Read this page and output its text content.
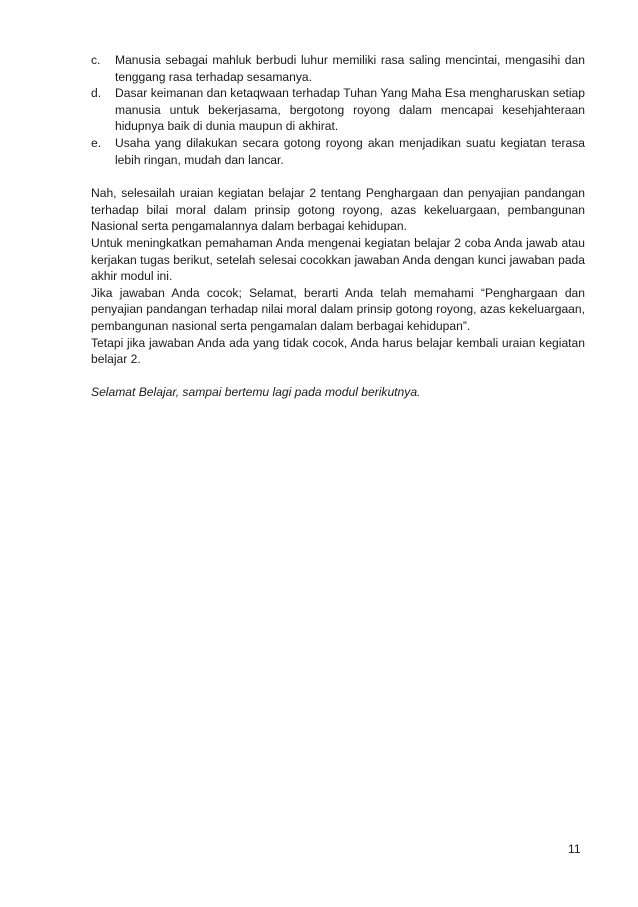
c.	Manusia sebagai mahluk berbudi luhur memiliki rasa saling mencintai, mengasihi dan tenggang rasa terhadap sesamanya.
d.	Dasar keimanan dan ketaqwaan terhadap Tuhan Yang Maha Esa mengharuskan setiap manusia untuk bekerjasama, bergotong royong dalam mencapai kesehjahteraan hidupnya baik di dunia maupun di akhirat.
e.	Usaha yang dilakukan secara gotong royong akan menjadikan suatu kegiatan terasa lebih ringan, mudah dan lancar.

Nah, selesailah uraian kegiatan belajar 2 tentang Penghargaan dan penyajian pandangan terhadap bilai moral dalam prinsip gotong royong, azas kekeluargaan, pembangunan Nasional serta pengamalannya dalam berbagai kehidupan.

Untuk meningkatkan pemahaman Anda mengenai kegiatan belajar 2 coba Anda jawab atau kerjakan tugas berikut, setelah selesai cocokkan jawaban Anda dengan kunci jawaban pada akhir modul ini.

Jika jawaban Anda cocok; Selamat, berarti Anda telah memahami “Penghargaan dan penyajian pandangan terhadap nilai moral dalam prinsip gotong royong, azas kekeluargaan, pembangunan nasional serta pengamalan dalam berbagai kehidupan”.

Tetapi jika jawaban Anda ada yang tidak cocok, Anda harus belajar kembali uraian kegiatan belajar 2.

Selamat Belajar, sampai bertemu lagi pada modul berikutnya.

11
